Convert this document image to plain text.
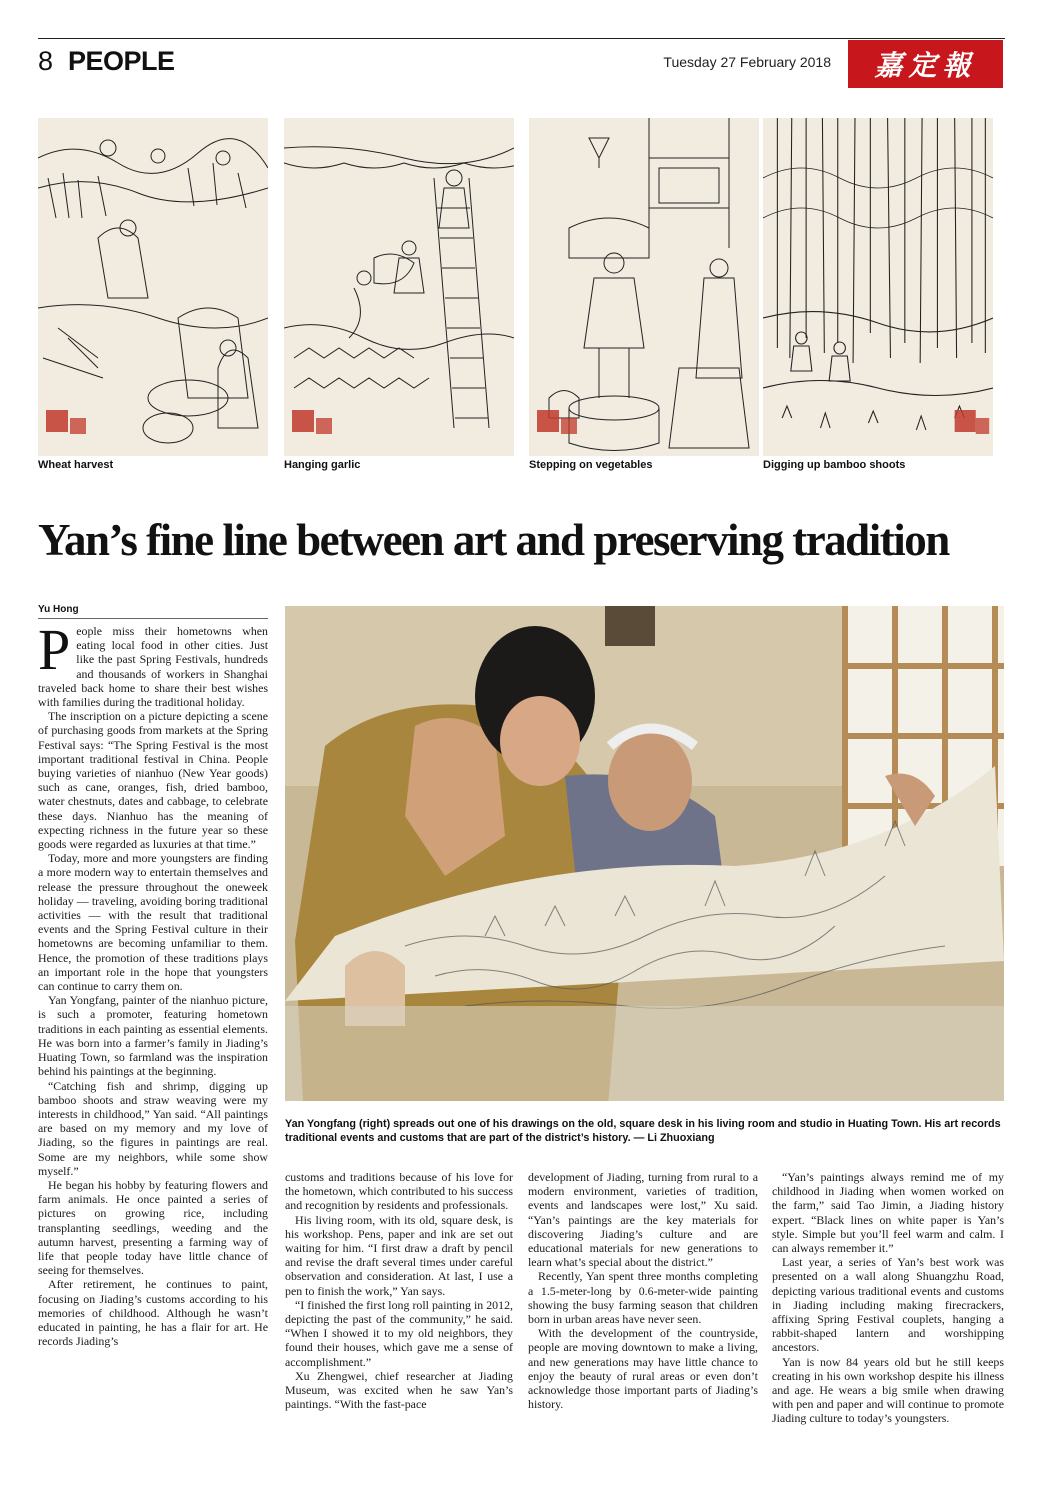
8 PEOPLE	Tuesday 27 February 2018 嘉定報
Wheat harvest	Hanging garlic	Stepping on vegetables	Digging up bamboo shoots
Yan’s fine line between art and preserving tradition
Yu Hong

People miss their hometowns when eating local food in other cities. Just like the past Spring Festivals, hundreds and thousands of workers in Shanghai traveled back home to share their best wishes with families during the traditional holiday.

The inscription on a picture depicting a scene of purchasing goods from markets at the Spring Festival says: “The Spring Festival is the most important traditional festival in China. People buying varieties of nianhuo (New Year goods) such as cane, oranges, fish, dried bamboo, water chestnuts, dates and cabbage, to celebrate these days. Nianhuo has the meaning of expecting richness in the future year so these goods were regarded as luxuries at that time.”

Today, more and more youngsters are finding a more modern way to entertain themselves and release the pressure throughout the oneweek holiday — traveling, avoiding boring traditional activities — with the result that traditional events and the Spring Festival culture in their hometowns are becoming unfamiliar to them. Hence, the promotion of these traditions plays an important role in the hope that youngsters can continue to carry them on.

Yan Yongfang, painter of the nianhuo picture, is such a promoter, featuring hometown traditions in each painting as essential elements. He was born into a farmer’s family in Jiading’s Huating Town, so farmland was the inspiration behind his paintings at the beginning.

“Catching fish and shrimp, digging up bamboo shoots and straw weaving were my interests in childhood,” Yan said. “All paintings are based on my memory and my love of Jiading, so the figures in paintings are real. Some are my neighbors, while some show myself.”

He began his hobby by featuring flowers and farm animals. He once painted a series of pictures on growing rice, including transplanting seedlings, weeding and the autumn harvest, presenting a farming way of life that people today have little chance of seeing for themselves.

After retirement, he continues to paint, focusing on Jiading’s customs according to his memories of childhood. Although he wasn’t educated in painting, he has a flair for art. He records Jiading’s

Yan Yongfang (right) spreads out one of his drawings on the old, square desk in his living room and studio in Huating Town. His art records traditional events and customs that are part of the district’s history. — Li Zhuoxiang

customs and traditions because of his love for the hometown, which contributed to his success and recognition by residents and professionals.

His living room, with its old, square desk, is his workshop. Pens, paper and ink are set out waiting for him. “I first draw a draft by pencil and revise the draft several times under careful observation and consideration. At last, I use a pen to finish the work,” Yan says.

“I finished the first long roll painting in 2012, depicting the past of the community,” he said. “When I showed it to my old neighbors, they found their houses, which gave me a sense of accomplishment.”

Xu Zhengwei, chief researcher at Jiading Museum, was excited when he saw Yan’s paintings. “With the fast-pace

development of Jiading, turning from rural to a modern environment, varieties of tradition, events and landscapes were lost,” Xu said. “Yan’s paintings are the key materials for discovering Jiading’s culture and are educational materials for new generations to learn what’s special about the district.”

Recently, Yan spent three months completing a 1.5-meter-long by 0.6-meter-wide painting showing the busy farming season that children born in urban areas have never seen.

With the development of the countryside, people are moving downtown to make a living, and new generations may have little chance to enjoy the beauty of rural areas or even don’t acknowledge those important parts of Jiading’s history.

“Yan’s paintings always remind me of my childhood in Jiading when women worked on the farm,” said Tao Jimin, a Jiading history expert. “Black lines on white paper is Yan’s style. Simple but you’ll feel warm and calm. I can always remember it.”

Last year, a series of Yan’s best work was presented on a wall along Shuangzhu Road, depicting various traditional events and customs in Jiading including making firecrackers, affixing Spring Festival couplets, hanging a rabbit-shaped lantern and worshipping ancestors.

Yan is now 84 years old but he still keeps creating in his own workshop despite his illness and age. He wears a big smile when drawing with pen and paper and will continue to promote Jiading culture to today’s youngsters.
